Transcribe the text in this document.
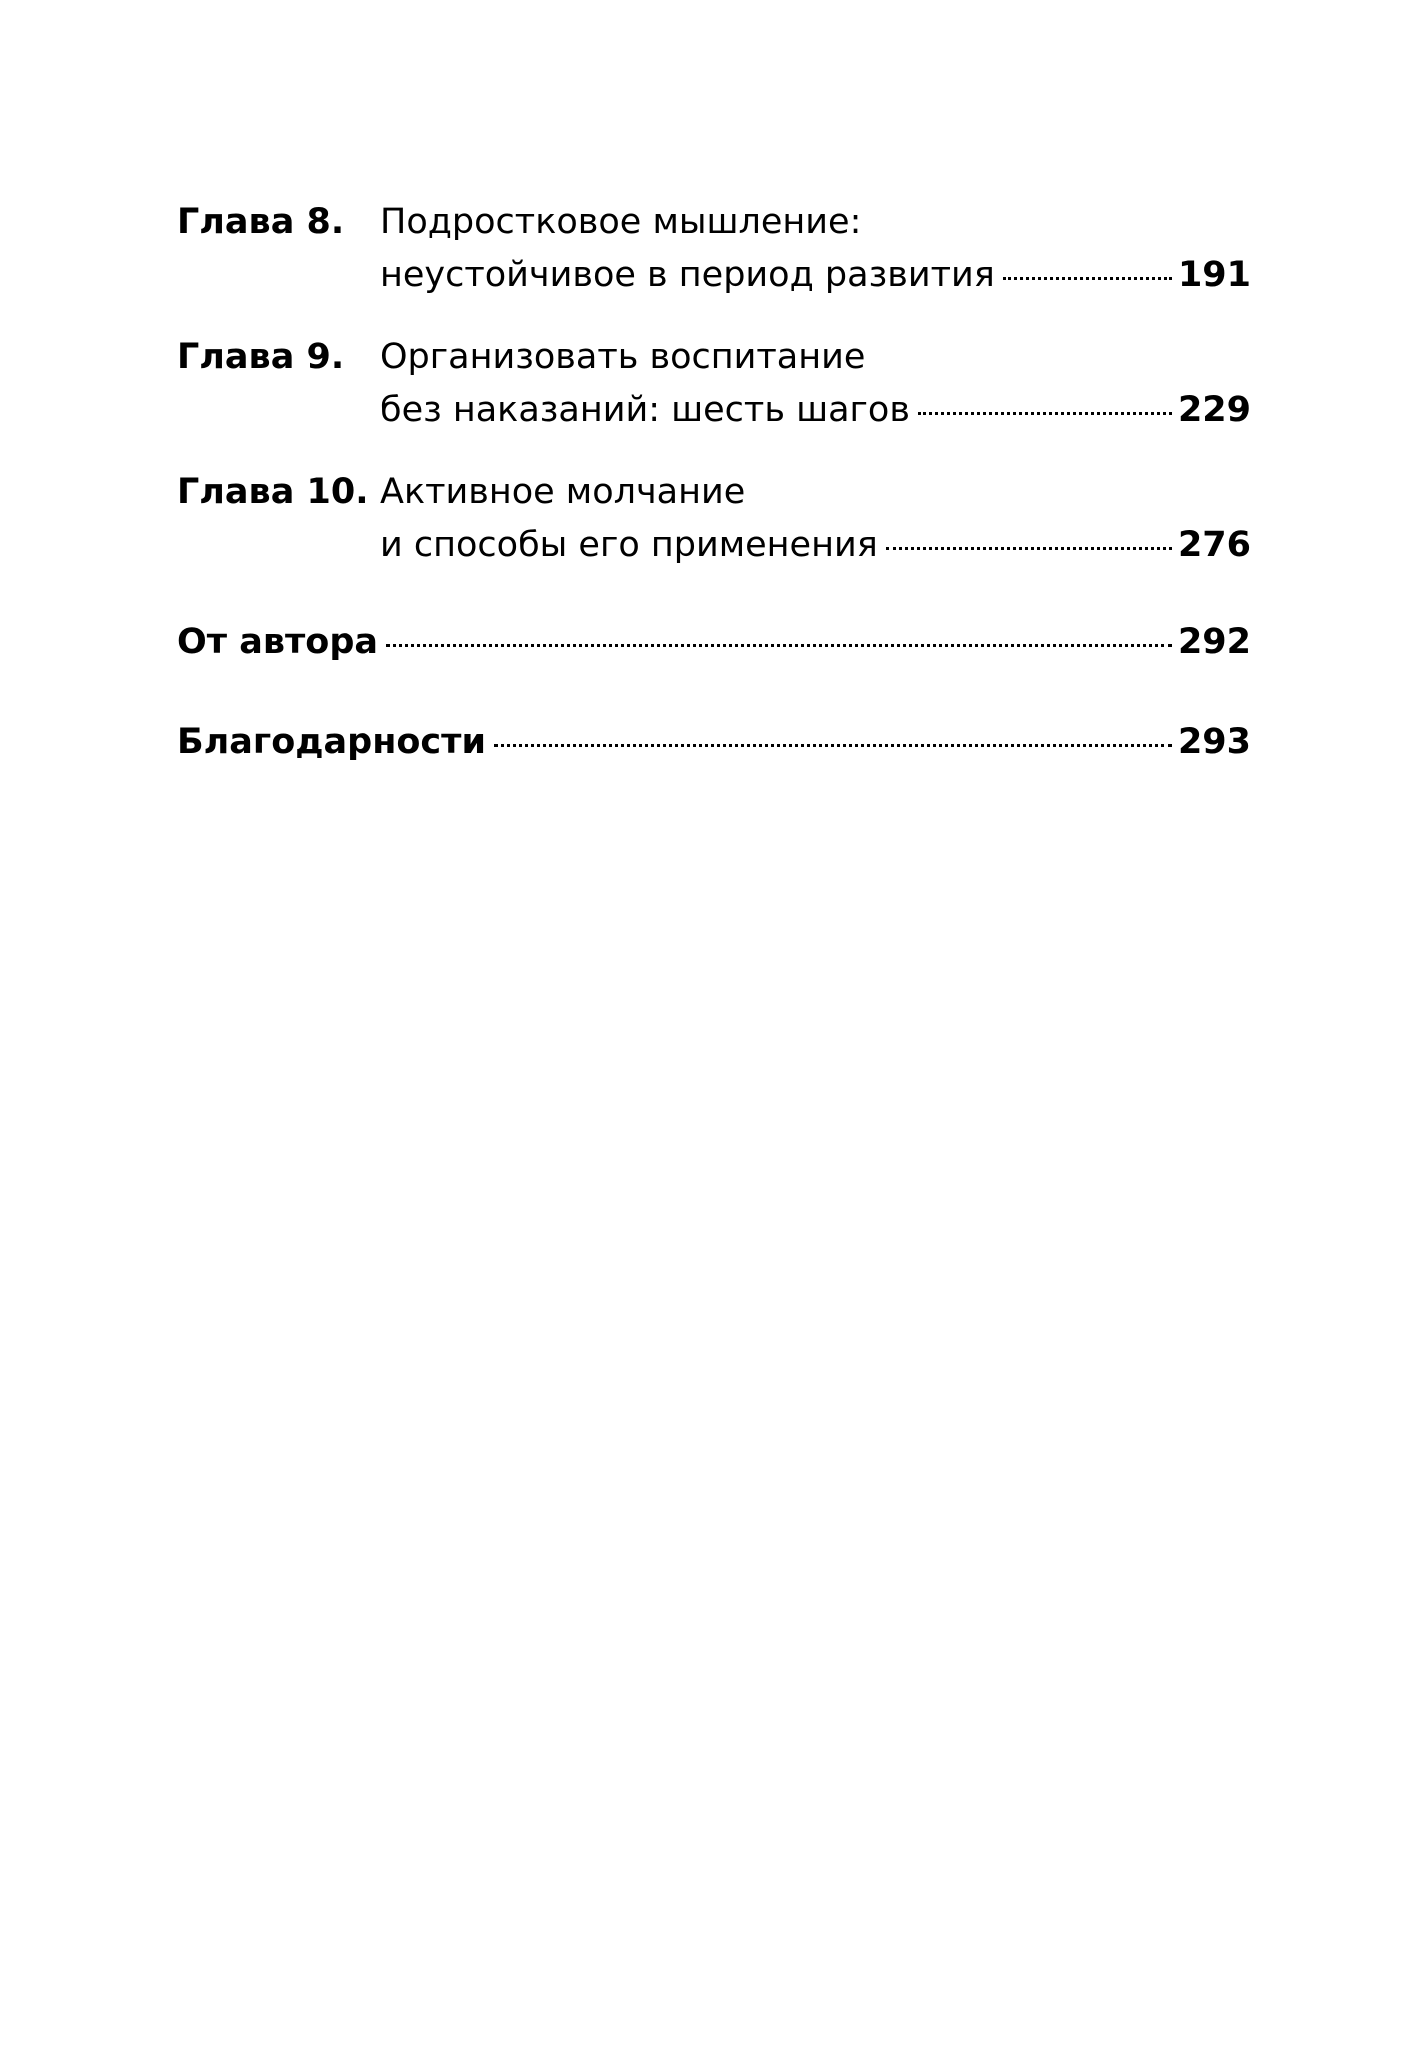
Глава 8.	Подростковое мышление:
неустойчивое в период развития	191
Глава 9.	Организовать воспитание
без наказаний: шесть шагов	229
Глава 10. Активное молчание
и способы его применения	276
От автора	292
Благодарности	293
